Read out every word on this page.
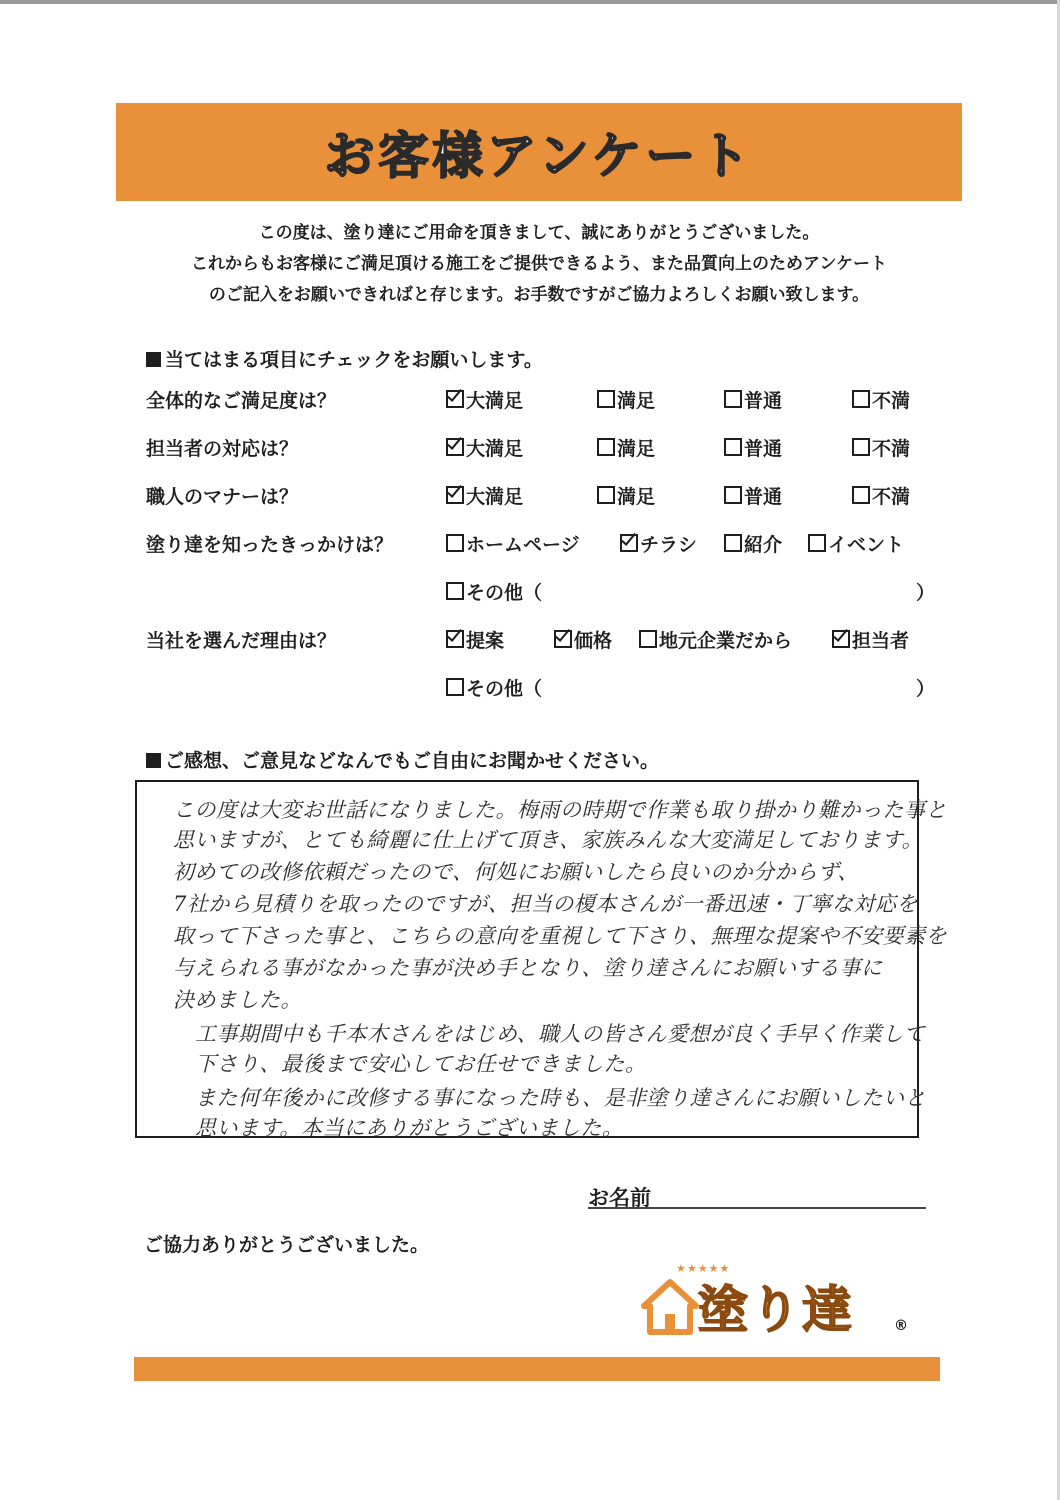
お客様アンケート
この度は、塗り達にご用命を頂きまして、誠にありがとうございました。
これからもお客様にご満足頂ける施工をご提供できるよう、また品質向上のためアンケート
のご記入をお願いできればと存じます。お手数ですがご協力よろしくお願い致します。
当てはまる項目にチェックをお願いします。
全体的なご満足度は？	大満足	満足	普通	不満
担当者の対応は？	大満足	満足	普通	不満
職人のマナーは？	大満足	満足	普通	不満
塗り達を知ったきっかけは？	ホームページ	チラシ	紹介	イベント
その他（	）
当社を選んだ理由は？	提案	価格	地元企業だから	担当者
その他（	）
ご感想、ご意見などなんでもご自由にお聞かせください。
この度は大変お世話になりました。梅雨の時期で作業も取り掛かり難かった事と
思いますが、とても綺麗に仕上げて頂き、家族みんな大変満足しております。
初めての改修依頼だったので、何処にお願いしたら良いのか分からず、
7社から見積りを取ったのですが、担当の榎本さんが一番迅速・丁寧な対応を
取って下さった事と、こちらの意向を重視して下さり、無理な提案や不安要素を
与えられる事がなかった事が決め手となり、塗り達さんにお願いする事に
決めました。
工事期間中も千本木さんをはじめ、職人の皆さん愛想が良く手早く作業して
下さり、最後まで安心してお任せできました。
また何年後かに改修する事になった時も、是非塗り達さんにお願いしたいと
思います。本当にありがとうございました。
お名前
ご協力ありがとうございました。
★★★★★
塗り達	®
